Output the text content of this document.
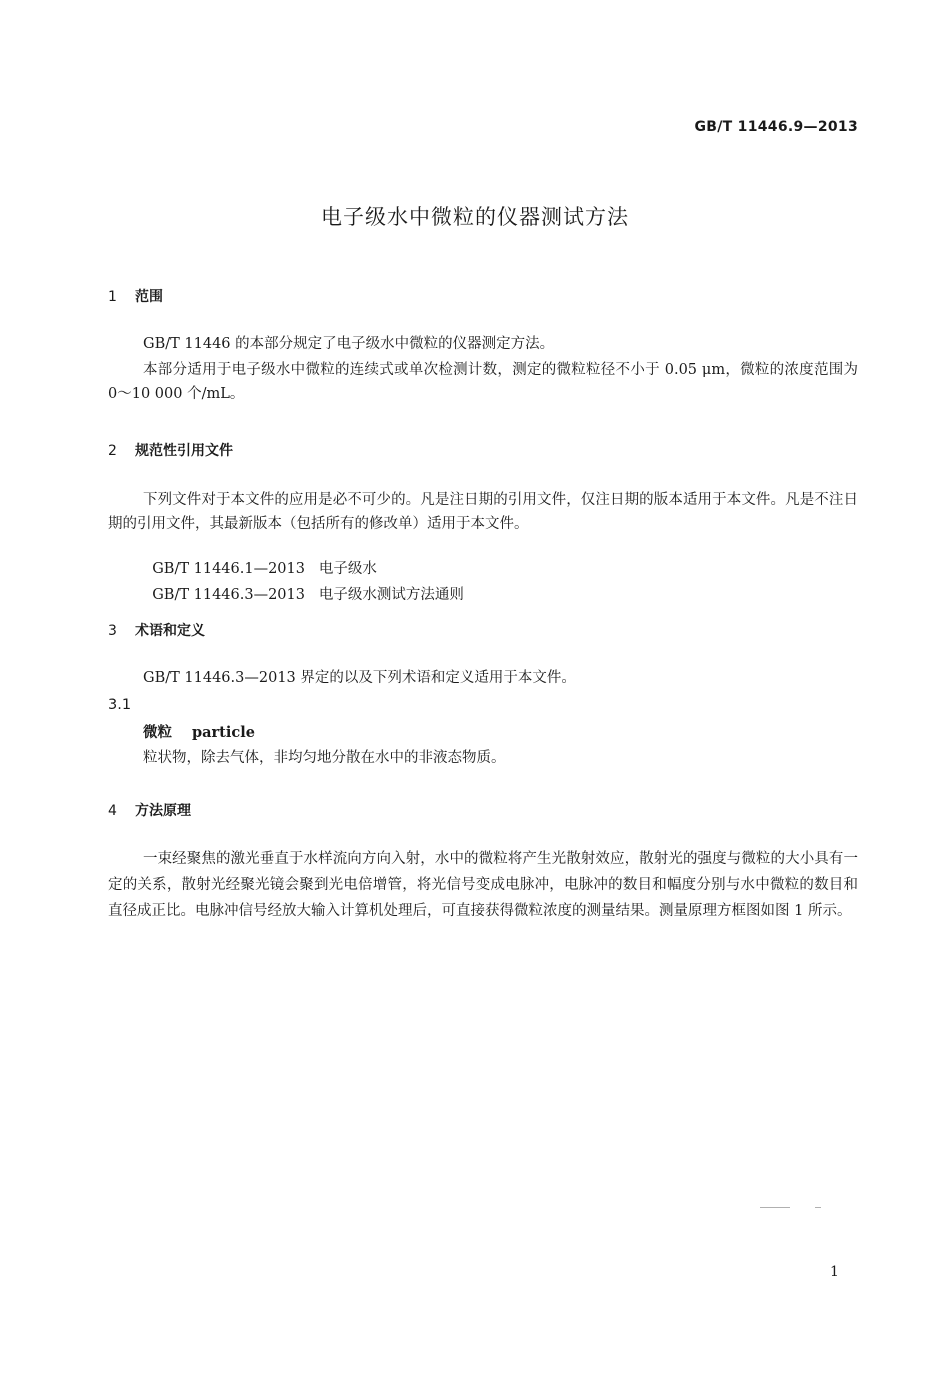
GB/T 11446.9—2013
电子级水中微粒的仪器测试方法
1 范围
GB/T 11446 的本部分规定了电子级水中微粒的仪器测定方法。
本部分适用于电子级水中微粒的连续式或单次检测计数，测定的微粒粒径不小于 0.05 μm，微粒的浓度范围为 0～10 000 个/mL。
2 规范性引用文件
下列文件对于本文件的应用是必不可少的。凡是注日期的引用文件，仅注日期的版本适用于本文件。凡是不注日期的引用文件，其最新版本（包括所有的修改单）适用于本文件。

GB/T 11446.1—2013 电子级水

GB/T 11446.3—2013 电子级水测试方法通则

3 术语和定义
GB/T 11446.3—2013 界定的以及下列术语和定义适用于本文件。
3.1
微粒 particle
粒状物，除去气体，非均匀地分散在水中的非液态物质。
4 方法原理
一束经聚焦的激光垂直于水样流向方向入射，水中的微粒将产生光散射效应，散射光的强度与微粒的大小具有一定的关系，散射光经聚光镜会聚到光电倍增管，将光信号变成电脉冲，电脉冲的数目和幅度分别与水中微粒的数目和直径成正比。电脉冲信号经放大输入计算机处理后，可直接获得微粒浓度的测量结果。测量原理方框图如图 1 所示。
1
